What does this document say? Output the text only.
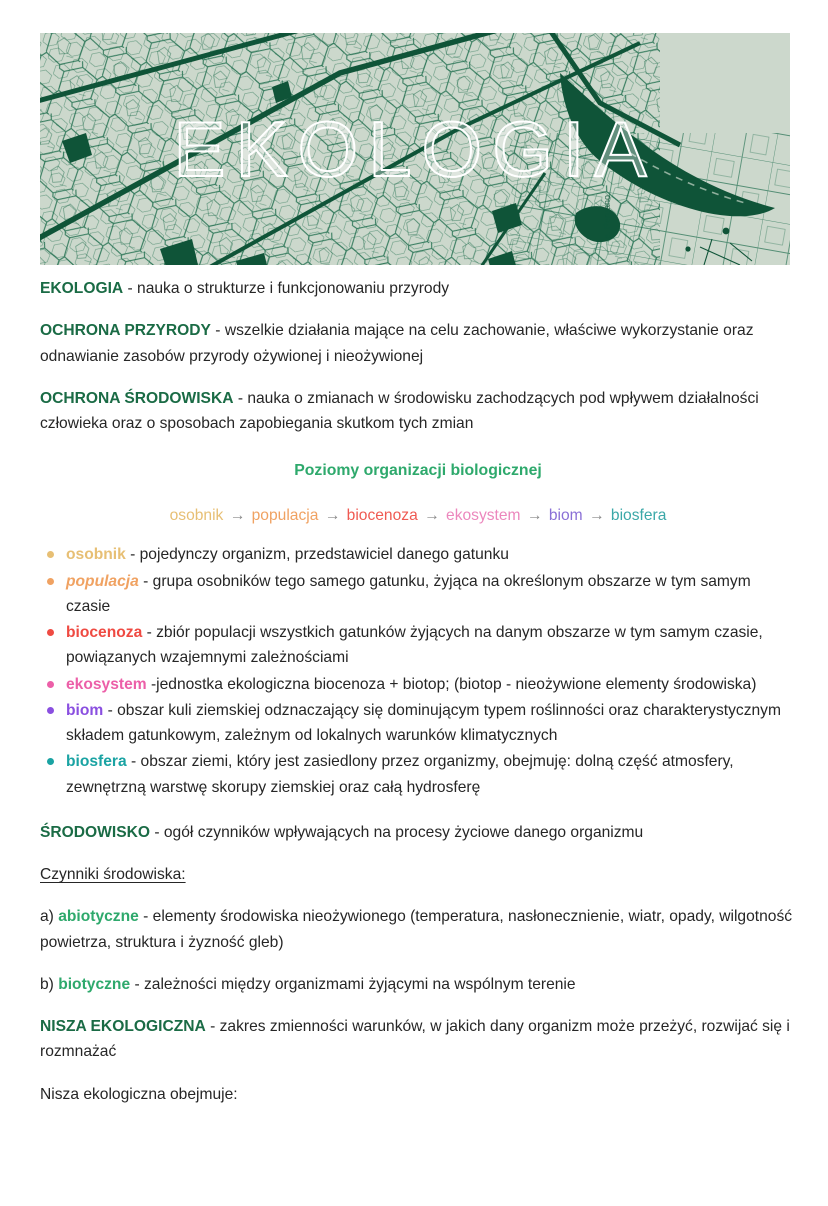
e. Peruano
EKOLOGIA

EKOLOGIA - nauka o strukturze i funkcjonowaniu przyrody

OCHRONA PRZYRODY - wszelkie działania mające na celu zachowanie, właściwe wykorzystanie oraz odnawianie zasobów przyrody ożywionej i nieożywionej

OCHRONA ŚRODOWISKA - nauka o zmianach w środowisku zachodzących pod wpływem działalności człowieka oraz o sposobach zapobiegania skutkom tych zmian

Poziomy organizacji biologicznej

osobnik → populacja → biocenoza → ekosystem → biom → biosfera

osobnik - pojedynczy organizm, przedstawiciel danego gatunku
populacja - grupa osobników tego samego gatunku, żyjąca na określonym obszarze w tym samym czasie
biocenoza - zbiór populacji wszystkich gatunków żyjących na danym obszarze w tym samym czasie, powiązanych wzajemnymi zależnościami
ekosystem -jednostka ekologiczna biocenoza + biotop; (biotop - nieożywione elementy środowiska)
biom - obszar kuli ziemskiej odznaczający się dominującym typem roślinności oraz charakterystycznym składem gatunkowym, zależnym od lokalnych warunków klimatycznych
biosfera - obszar ziemi, który jest zasiedlony przez organizmy, obejmuję: dolną część atmosfery, zewnętrzną warstwę skorupy ziemskiej oraz całą hydrosferę

ŚRODOWISKO - ogół czynników wpływających na procesy życiowe danego organizmu

Czynniki środowiska:

a) abiotyczne - elementy środowiska nieożywionego (temperatura, nasłonecznienie, wiatr, opady, wilgotność powietrza, struktura i żyzność gleb)

b) biotyczne - zależności między organizmami żyjącymi na wspólnym terenie

NISZA EKOLOGICZNA - zakres zmienności warunków, w jakich dany organizm może przeżyć, rozwijać się i rozmnażać

Nisza ekologiczna obejmuje:
